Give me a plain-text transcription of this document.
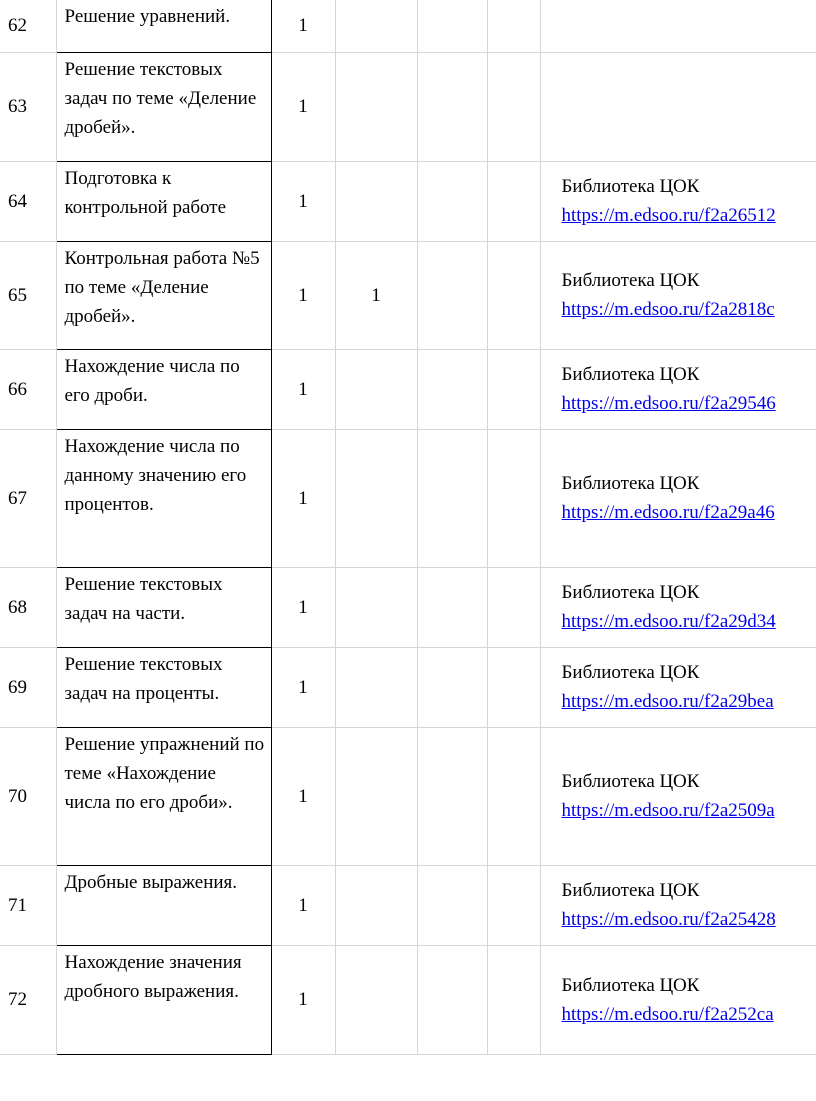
62	Решение уравнений.	1				
63	Решение текстовых задач по теме «Деление дробей».	1				
64	Подготовка к контрольной работе	1				Библиотека ЦОК
https://m.edsoo.ru/f2a26512
65	Контрольная работа №5 по теме «Деление дробей».	1	1			Библиотека ЦОК
https://m.edsoo.ru/f2a2818c
66	Нахождение числа по его дроби.	1				Библиотека ЦОК
https://m.edsoo.ru/f2a29546
67	Нахождение числа по данному значению его процентов.	1				Библиотека ЦОК
https://m.edsoo.ru/f2a29a46
68	Решение текстовых задач на части.	1				Библиотека ЦОК
https://m.edsoo.ru/f2a29d34
69	Решение текстовых задач на проценты.	1				Библиотека ЦОК
https://m.edsoo.ru/f2a29bea
70	Решение упражнений по теме «Нахождение числа по его дроби».	1				Библиотека ЦОК
https://m.edsoo.ru/f2a2509a
71	Дробные выражения.	1				Библиотека ЦОК
https://m.edsoo.ru/f2a25428
72	Нахождение значения дробного выражения.	1				Библиотека ЦОК
https://m.edsoo.ru/f2a252ca
